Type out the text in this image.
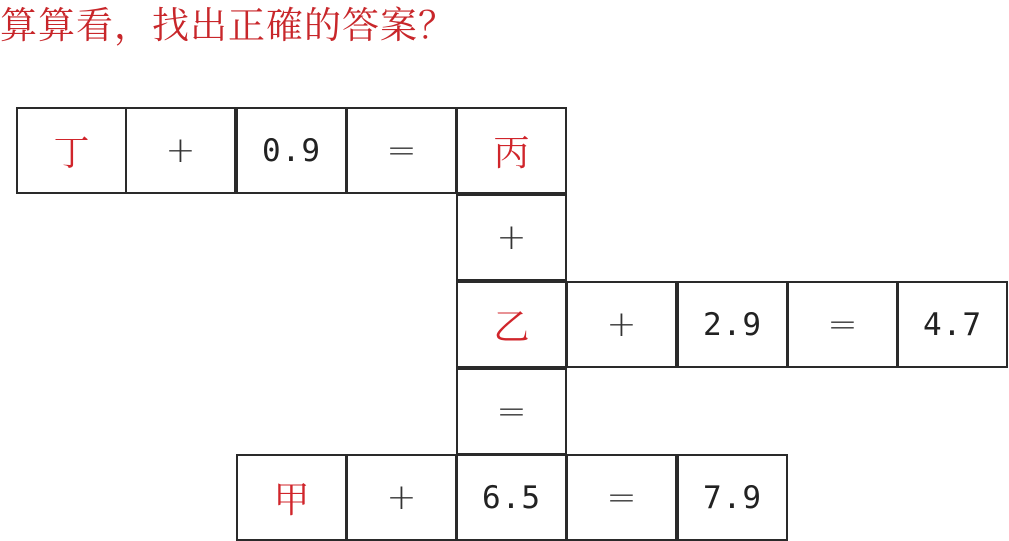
算算看，找出正確的答案？
丁	+	0.9	=	丙
+
乙	+	2.9	=	4.7
=
甲	+	6.5	=	7.9
